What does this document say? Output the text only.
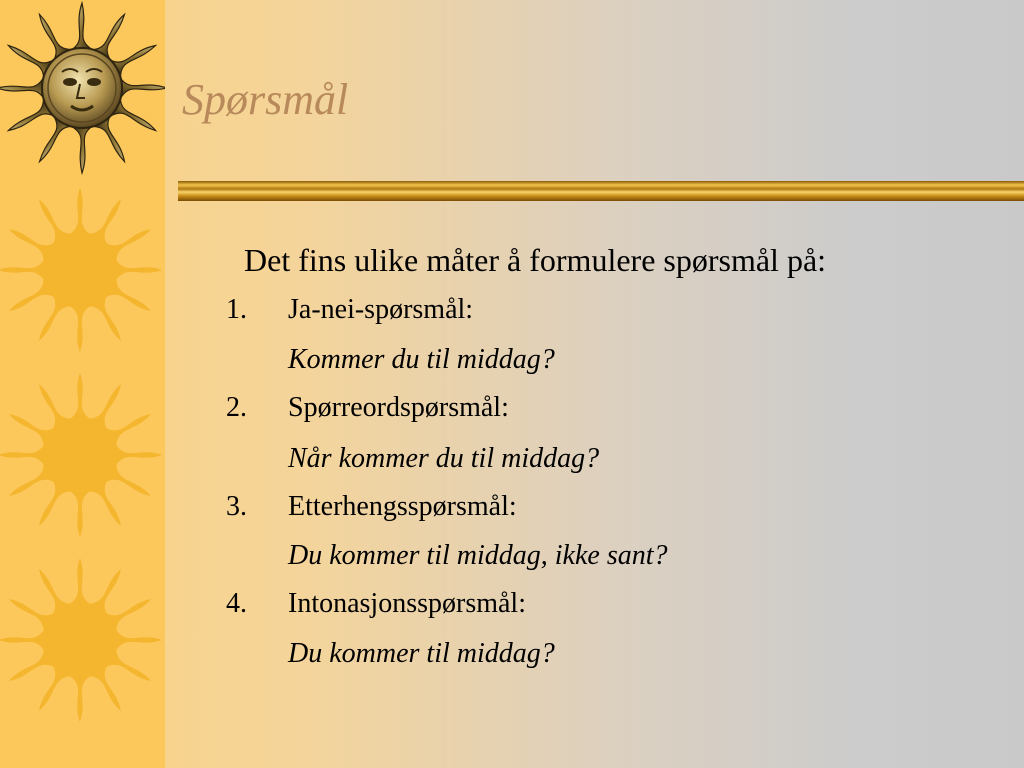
Spørsmål
Det fins ulike måter å formulere spørsmål på:
1.	Ja-nei-spørsmål:
Kommer du til middag?
2.	Spørreordspørsmål:
Når kommer du til middag?
3.	Etterhengsspørsmål:
Du kommer til middag, ikke sant?
4.	Intonasjonsspørsmål:
Du kommer til middag?
